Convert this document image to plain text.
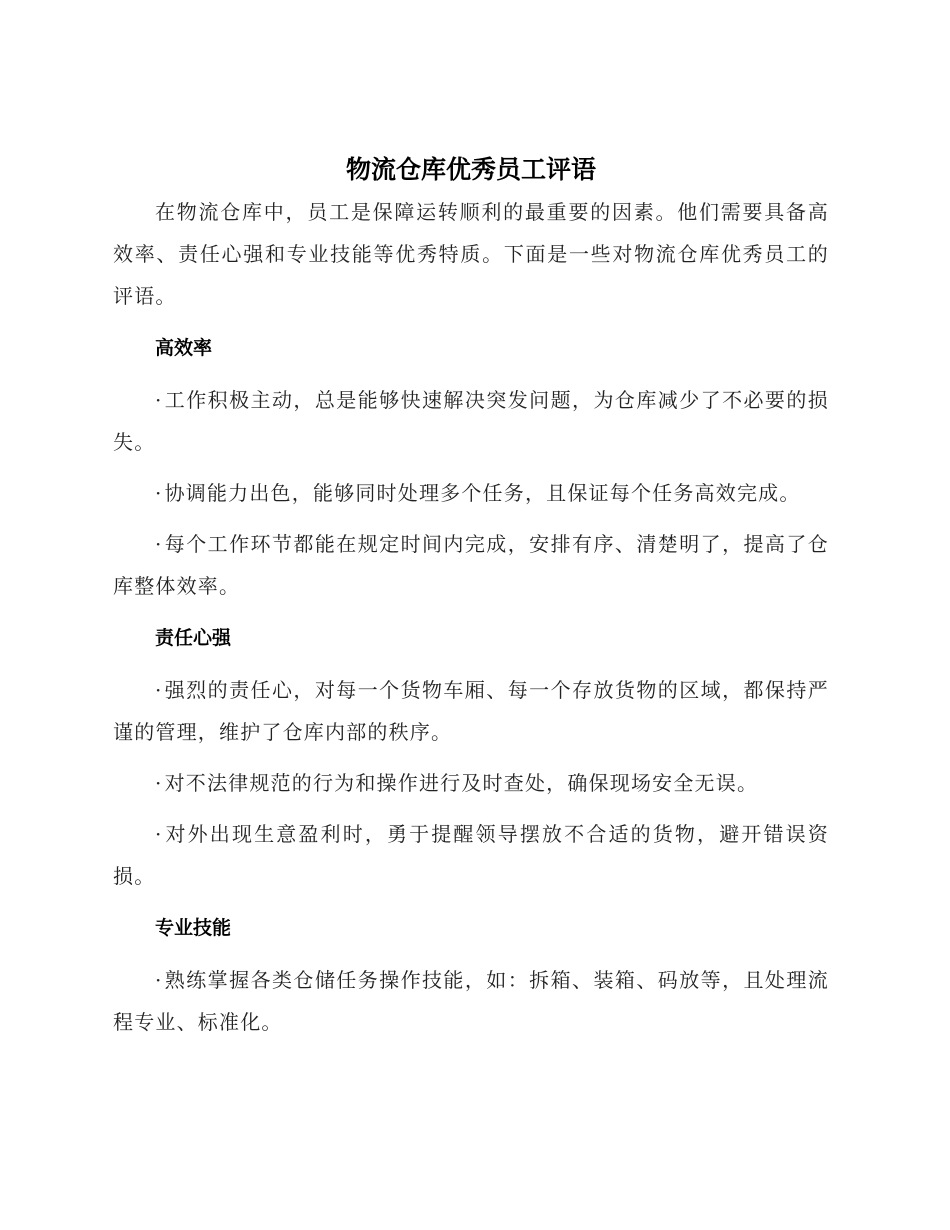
物流仓库优秀员工评语

在物流仓库中，员工是保障运转顺利的最重要的因素。他们需要具备高效率、责任心强和专业技能等优秀特质。下面是一些对物流仓库优秀员工的评语。

高效率

· 工作积极主动，总是能够快速解决突发问题，为仓库减少了不必要的损失。

· 协调能力出色，能够同时处理多个任务，且保证每个任务高效完成。

· 每个工作环节都能在规定时间内完成，安排有序、清楚明了，提高了仓库整体效率。

责任心强

· 强烈的责任心，对每一个货物车厢、每一个存放货物的区域，都保持严谨的管理，维护了仓库内部的秩序。

· 对不法律规范的行为和操作进行及时查处，确保现场安全无误。

· 对外出现生意盈利时，勇于提醒领导摆放不合适的货物，避开错误资损。

专业技能

· 熟练掌握各类仓储任务操作技能，如：拆箱、装箱、码放等，且处理流程专业、标准化。
